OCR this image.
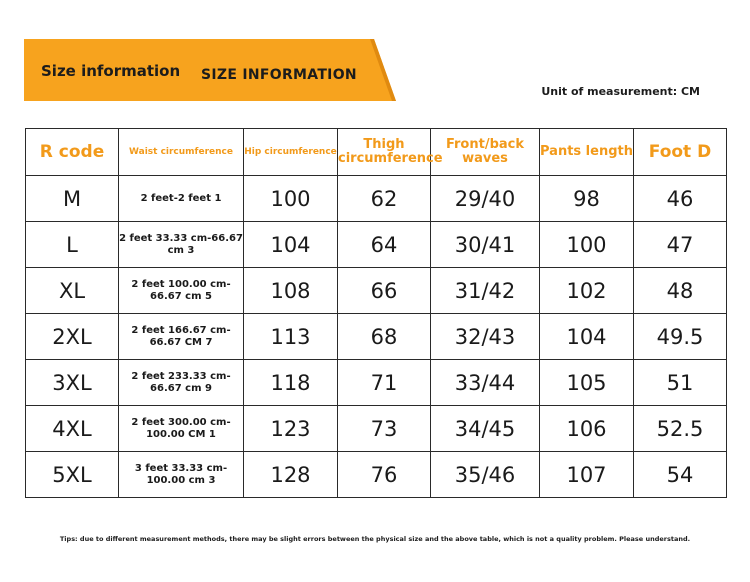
Size information SIZE INFORMATION
Unit of measurement: CM
R code	Waist circumference	Hip circumference	Thigh circumference	Front/back waves	Pants length	Foot D
M	2 feet-2 feet 1	100	62	29/40	98	46
L	2 feet 33.33 cm-66.67 cm 3	104	64	30/41	100	47
XL	2 feet 100.00 cm-66.67 cm 5	108	66	31/42	102	48
2XL	2 feet 166.67 cm-66.67 CM 7	113	68	32/43	104	49.5
3XL	2 feet 233.33 cm-66.67 cm 9	118	71	33/44	105	51
4XL	2 feet 300.00 cm-100.00 CM 1	123	73	34/45	106	52.5
5XL	3 feet 33.33 cm-100.00 cm 3	128	76	35/46	107	54
Tips: due to different measurement methods, there may be slight errors between the physical size and the above table, which is not a quality problem. Please understand.
